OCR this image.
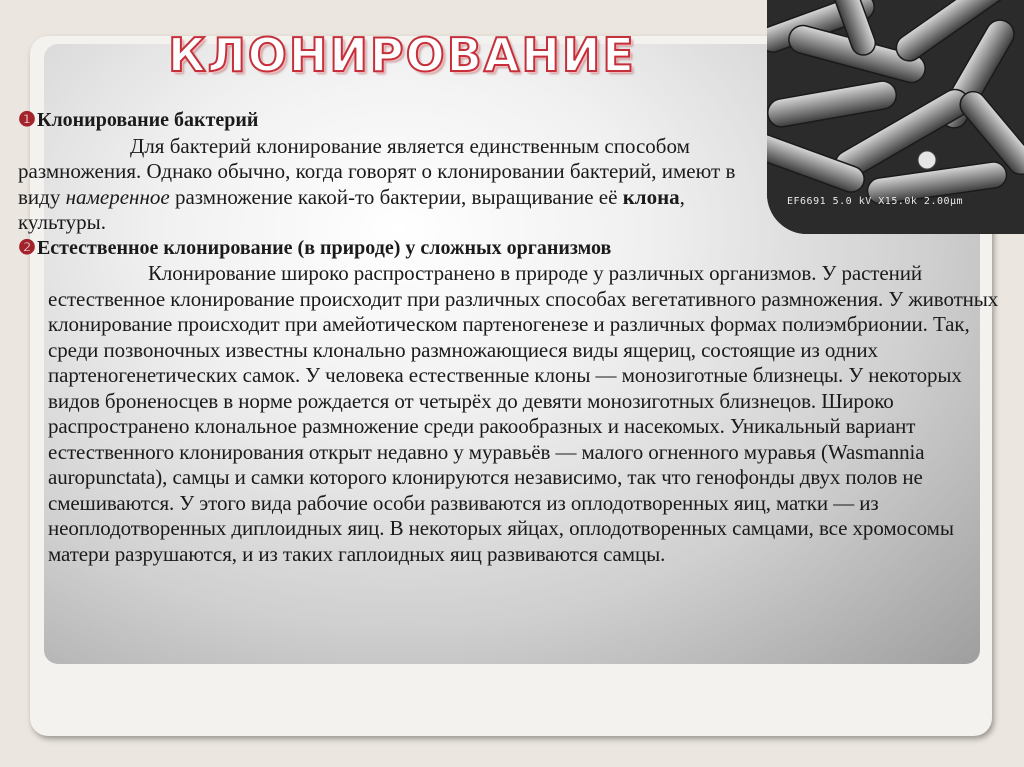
EF6691 5.0 kV X15.0k 2.00µm
КЛОНИРОВАНИЕ

❶Клонирование бактерий

Для бактерий клонирование является единственным способом размножения. Однако обычно, когда говорят о клонировании бактерий, имеют в виду намеренное размножение какой-то бактерии, выращивание её клона, культуры.

❷Естественное клонирование (в природе) у сложных организмов

Клонирование широко распространено в природе у различных организмов. У растений естественное клонирование происходит при различных способах вегетативного размножения. У животных клонирование происходит при амейотическом партеногенезе и различных формах полиэмбрионии. Так, среди позвоночных известны клонально размножающиеся виды ящериц, состоящие из одних партеногенетических самок. У человека естественные клоны — монозиготные близнецы. У некоторых видов броненосцев в норме рождается от четырёх до девяти монозиготных близнецов. Широко распространено клональное размножение среди ракообразных и насекомых. Уникальный вариант естественного клонирования открыт недавно у муравьёв — малого огненного муравья (Wasmannia auropunctata), самцы и самки которого клонируются независимо, так что генофонды двух полов не смешиваются. У этого вида рабочие особи развиваются из оплодотворенных яиц, матки — из неоплодотворенных диплоидных яиц. В некоторых яйцах, оплодотворенных самцами, все хромосомы матери разрушаются, и из таких гаплоидных яиц развиваются самцы.
